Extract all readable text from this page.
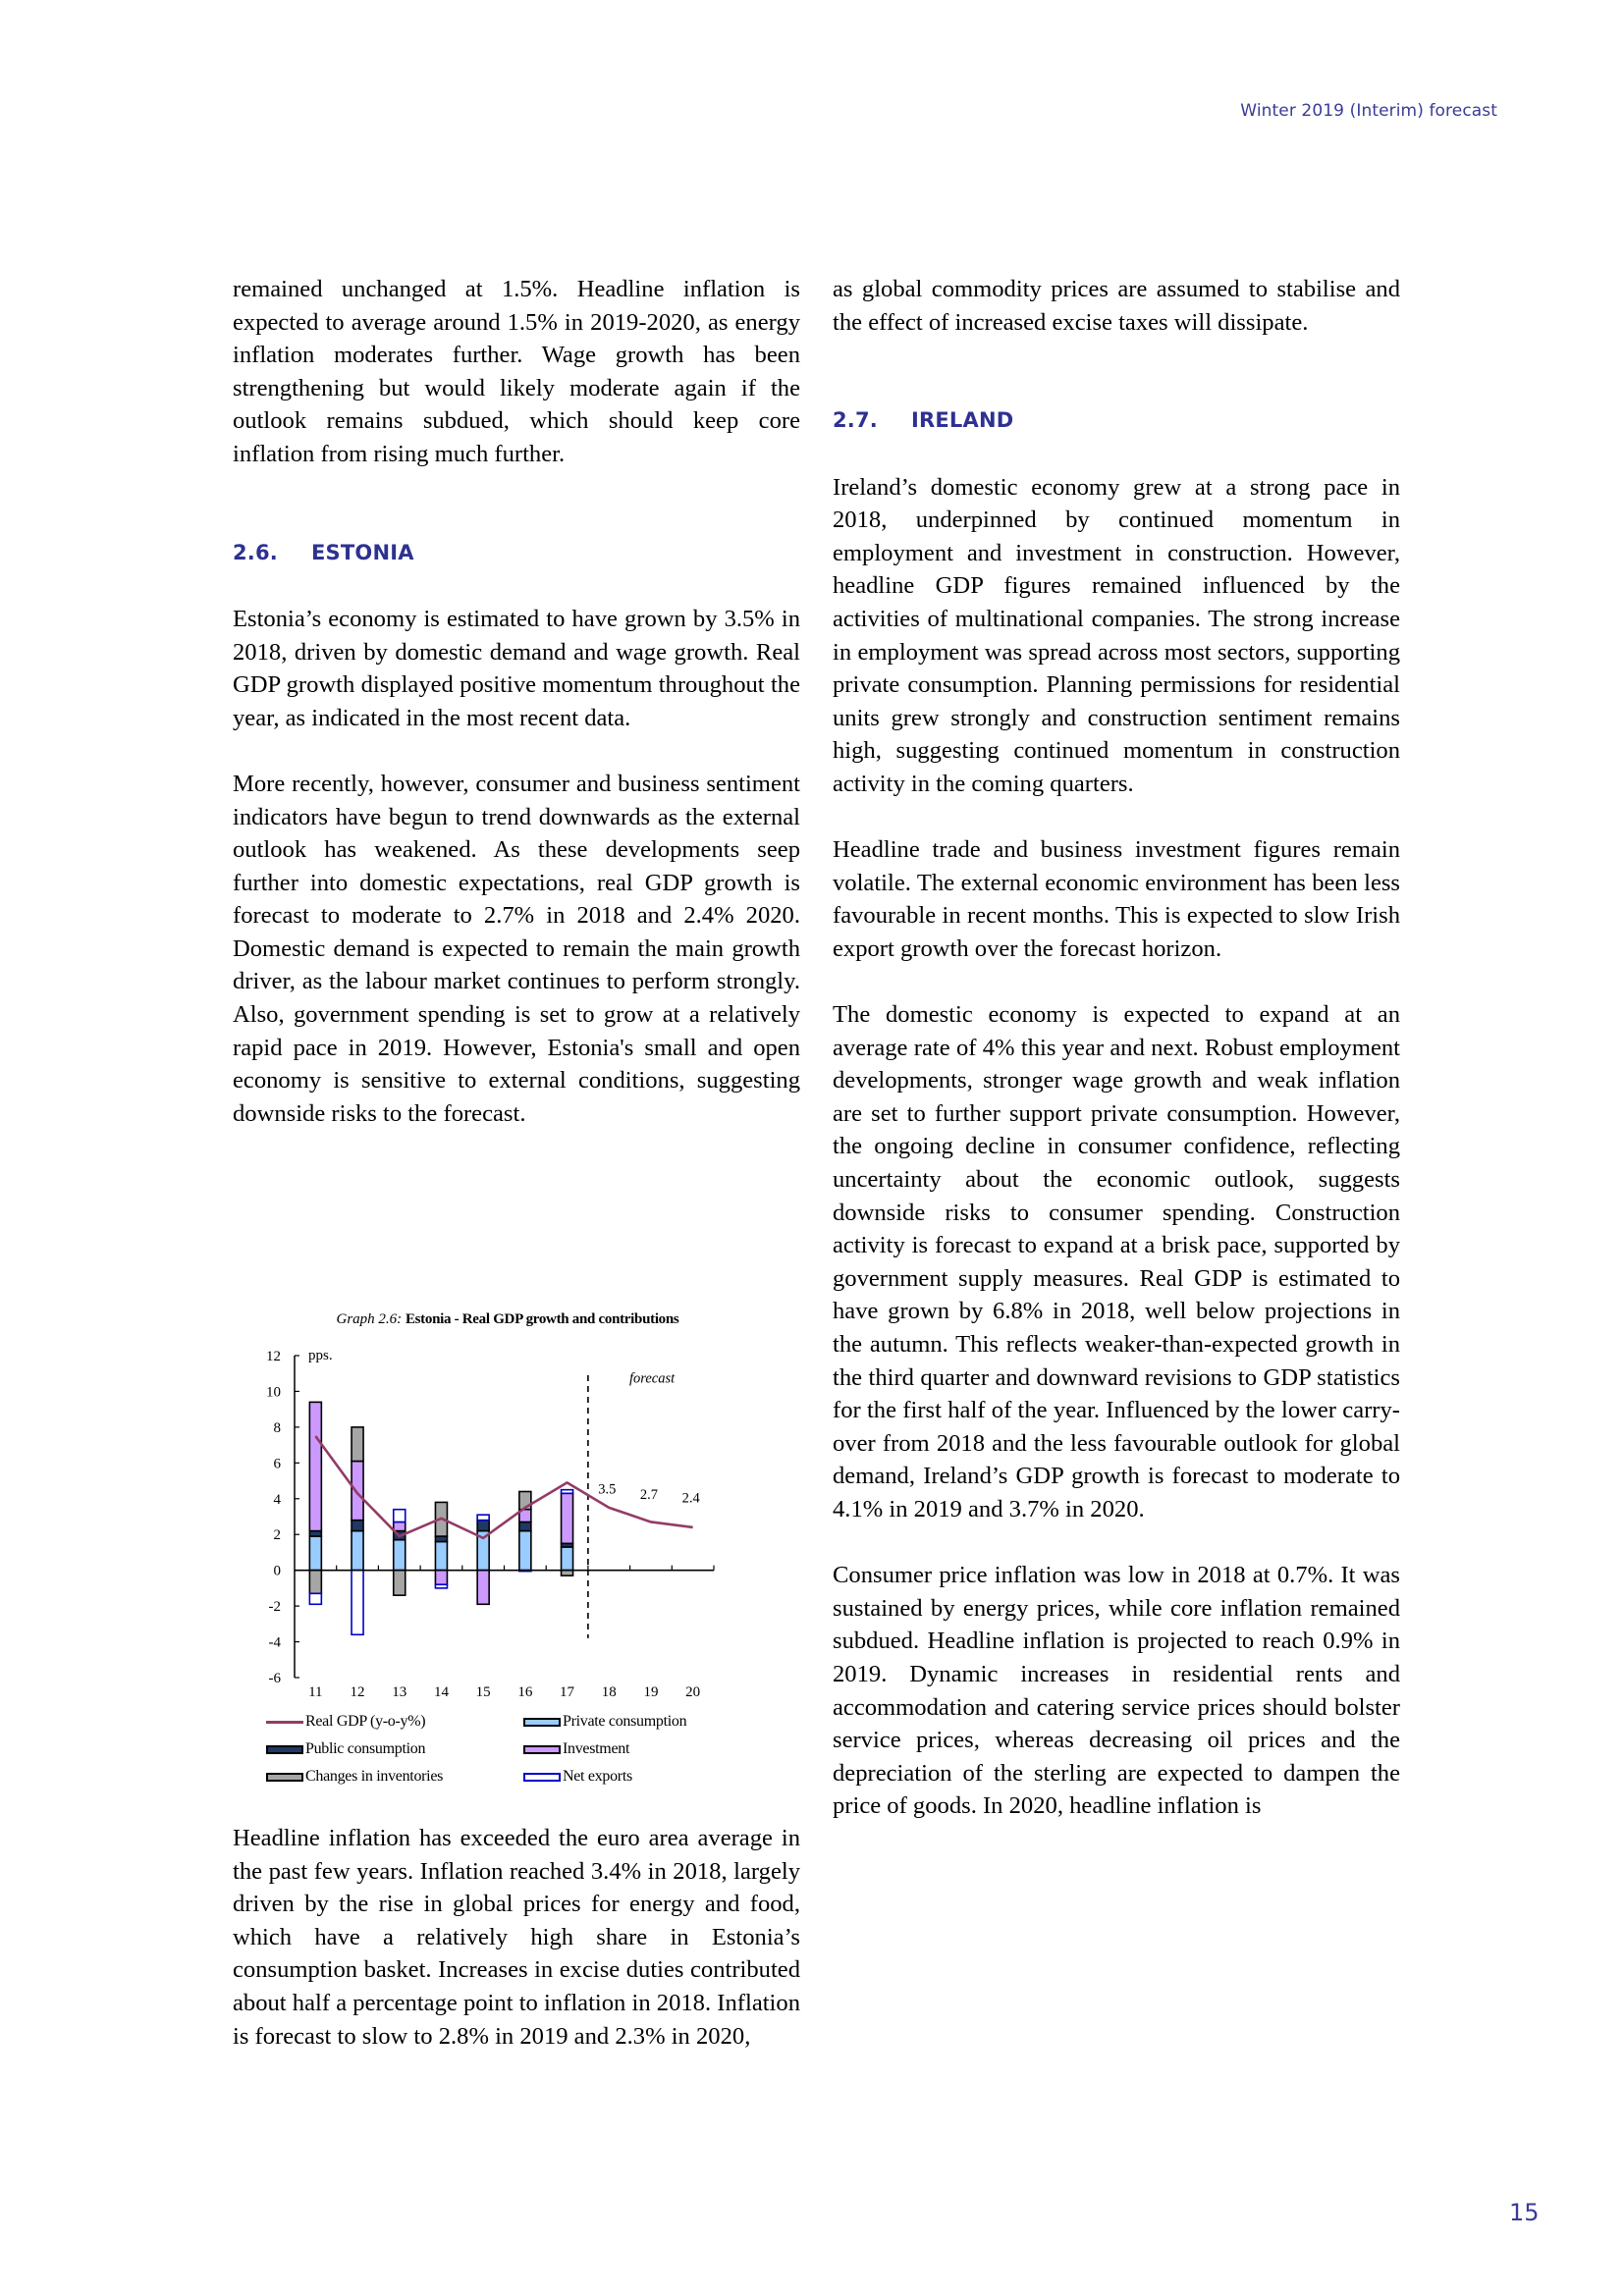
Winter 2019 (Interim) forecast

remained unchanged at 1.5%. Headline inflation is expected to average around 1.5% in 2019-2020, as energy inflation moderates further. Wage growth has been strengthening but would likely moderate again if the outlook remains subdued, which should keep core inflation from rising much further.

2.6. ESTONIA

Estonia’s economy is estimated to have grown by 3.5% in 2018, driven by domestic demand and wage growth. Real GDP growth displayed positive momentum throughout the year, as indicated in the most recent data.

More recently, however, consumer and business sentiment indicators have begun to trend downwards as the external outlook has weakened. As these developments seep further into domestic expectations, real GDP growth is forecast to moderate to 2.7% in 2018 and 2.4% 2020. Domestic demand is expected to remain the main growth driver, as the labour market continues to perform strongly. Also, government spending is set to grow at a relatively rapid pace in 2019. However, Estonia's small and open economy is sensitive to external conditions, suggesting downside risks to the forecast.

Headline inflation has exceeded the euro area average in the past few years. Inflation reached 3.4% in 2018, largely driven by the rise in global prices for energy and food, which have a relatively high share in Estonia’s consumption basket. Increases in excise duties contributed about half a percentage point to inflation in 2018. Inflation is forecast to slow to 2.8% in 2019 and 2.3% in 2020,

-6
-4
-2
0
2
4
6
8
10
12 pps.
11 12 13 14 15 16 17 18 19 20
forecast
3.5 2.7 2.4
Graph 2.6: Estonia - Real GDP growth and contributions
Real GDP (y-o-y%)	Private consumption
Public consumption	Investment
Changes in inventories	Net exports

as global commodity prices are assumed to stabilise and the effect of increased excise taxes will dissipate.

2.7. IRELAND

Ireland’s domestic economy grew at a strong pace in 2018, underpinned by continued momentum in employment and investment in construction. However, headline GDP figures remained influenced by the activities of multinational companies. The strong increase in employment was spread across most sectors, supporting private consumption. Planning permissions for residential units grew strongly and construction sentiment remains high, suggesting continued momentum in construction activity in the coming quarters.

Headline trade and business investment figures remain volatile. The external economic environment has been less favourable in recent months. This is expected to slow Irish export growth over the forecast horizon.

The domestic economy is expected to expand at an average rate of 4% this year and next. Robust employment developments, stronger wage growth and weak inflation are set to further support private consumption. However, the ongoing decline in consumer confidence, reflecting uncertainty about the economic outlook, suggests downside risks to consumer spending. Construction activity is forecast to expand at a brisk pace, supported by government supply measures. Real GDP is estimated to have grown by 6.8% in 2018, well below projections in the autumn. This reflects weaker-than-expected growth in the third quarter and downward revisions to GDP statistics for the first half of the year. Influenced by the lower carry-over from 2018 and the less favourable outlook for global demand, Ireland’s GDP growth is forecast to moderate to 4.1% in 2019 and 3.7% in 2020.

Consumer price inflation was low in 2018 at 0.7%. It was sustained by energy prices, while core inflation remained subdued. Headline inflation is projected to reach 0.9% in 2019. Dynamic increases in residential rents and accommodation and catering service prices should bolster service prices, whereas decreasing oil prices and the depreciation of the sterling are expected to dampen the price of goods. In 2020, headline inflation is

15
